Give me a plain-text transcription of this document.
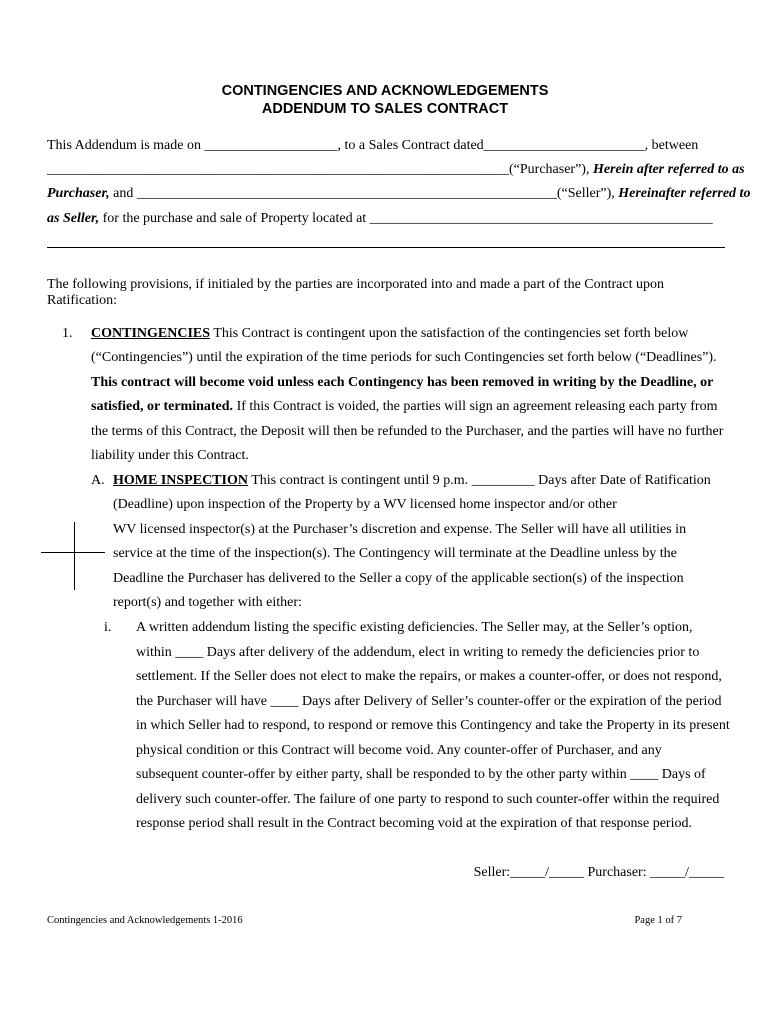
CONTINGENCIES AND ACKNOWLEDGEMENTS
ADDENDUM TO SALES CONTRACT
This Addendum is made on ___________________, to a Sales Contract dated_______________________, between
__________________________________________________________________(“Purchaser”), Herein after referred to as
Purchaser, and ____________________________________________________________(“Seller”), Hereinafter referred to
as Seller, for the purchase and sale of Property located at _________________________________________________
The following provisions, if initialed by the parties are incorporated into and made a part of the Contract upon
Ratification:
1. CONTINGENCIES This Contract is contingent upon the satisfaction of the contingencies set forth below
(“Contingencies”) until the expiration of the time periods for such Contingencies set forth below (“Deadlines”).
This contract will become void unless each Contingency has been removed in writing by the Deadline, or
satisfied, or terminated. If this Contract is voided, the parties will sign an agreement releasing each party from
the terms of this Contract, the Deposit will then be refunded to the Purchaser, and the parties will have no further
liability under this Contract.
A. HOME INSPECTION This contract is contingent until 9 p.m. _________ Days after Date of Ratification
(Deadline) upon inspection of the Property by a WV licensed home inspector and/or other
WV licensed inspector(s) at the Purchaser’s discretion and expense. The Seller will have all utilities in
service at the time of the inspection(s). The Contingency will terminate at the Deadline unless by the
Deadline the Purchaser has delivered to the Seller a copy of the applicable section(s) of the inspection
report(s) and together with either:
i. A written addendum listing the specific existing deficiencies. The Seller may, at the Seller’s option,
within ____ Days after delivery of the addendum, elect in writing to remedy the deficiencies prior to
settlement. If the Seller does not elect to make the repairs, or makes a counter-offer, or does not respond,
the Purchaser will have ____ Days after Delivery of Seller’s counter-offer or the expiration of the period
in which Seller had to respond, to respond or remove this Contingency and take the Property in its present
physical condition or this Contract will become void. Any counter-offer of Purchaser, and any
subsequent counter-offer by either party, shall be responded to by the other party within ____ Days of
delivery such counter-offer. The failure of one party to respond to such counter-offer within the required
response period shall result in the Contract becoming void at the expiration of that response period.
Seller:_____/_____ Purchaser: _____/_____
Contingencies and Acknowledgements 1-2016	Page 1 of 7
